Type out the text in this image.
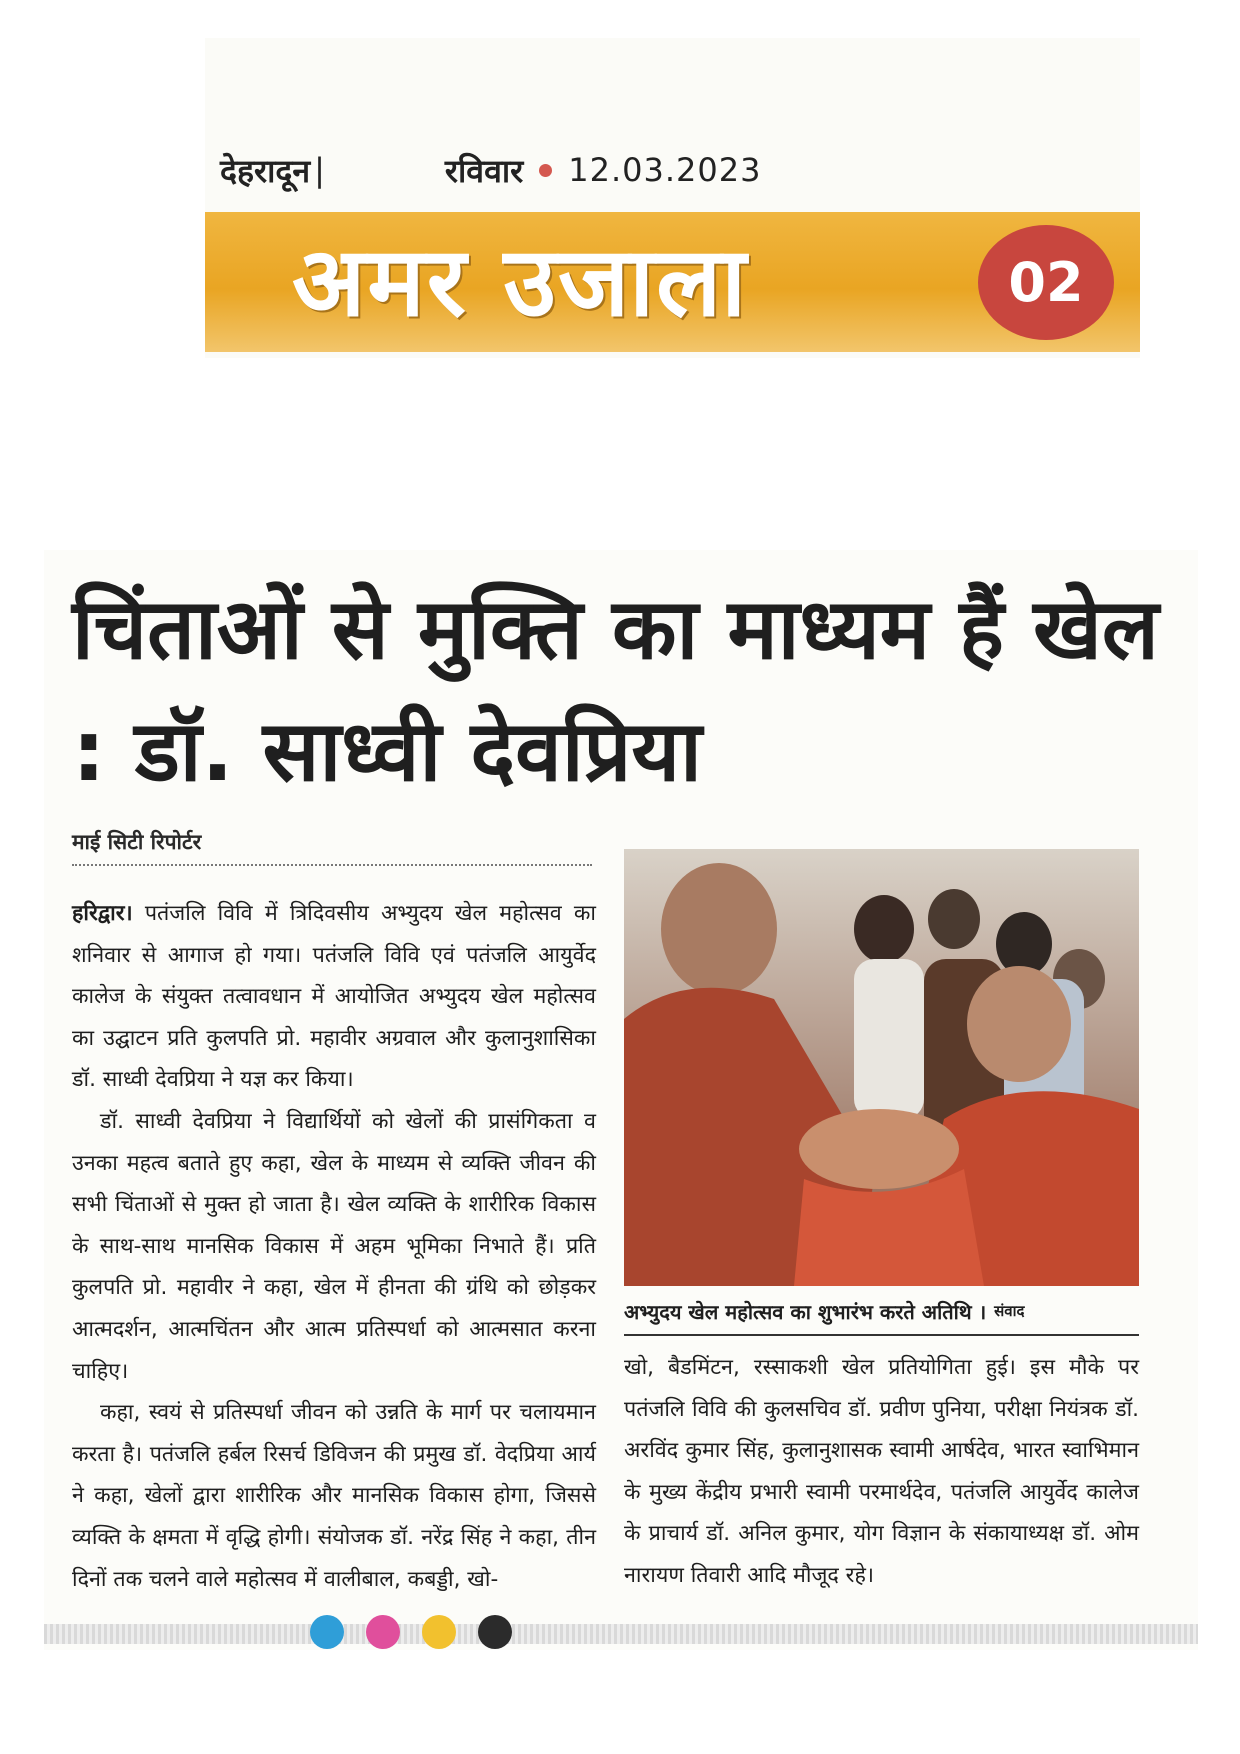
देहरादून |	रविवार 12.03.2023
अमर उजाला	02
चिंताओं से मुक्ति का माध्यम हैं खेल : डॉ. साध्वी देवप्रिया
माई सिटी रिपोर्टर

हरिद्वार। पतंजलि विवि में त्रिदिवसीय अभ्युदय खेल महोत्सव का शनिवार से आगाज हो गया। पतंजलि विवि एवं पतंजलि आयुर्वेद कालेज के संयुक्त तत्वावधान में आयोजित अभ्युदय खेल महोत्सव का उद्घाटन प्रति कुलपति प्रो. महावीर अग्रवाल और कुलानुशासिका डॉ. साध्वी देवप्रिया ने यज्ञ कर किया।

डॉ. साध्वी देवप्रिया ने विद्यार्थियों को खेलों की प्रासंगिकता व उनका महत्व बताते हुए कहा, खेल के माध्यम से व्यक्ति जीवन की सभी चिंताओं से मुक्त हो जाता है। खेल व्यक्ति के शारीरिक विकास के साथ-साथ मानसिक विकास में अहम भूमिका निभाते हैं। प्रति कुलपति प्रो. महावीर ने कहा, खेल में हीनता की ग्रंथि को छोड़कर आत्मदर्शन, आत्मचिंतन और आत्म प्रतिस्पर्धा को आत्मसात करना चाहिए।

कहा, स्वयं से प्रतिस्पर्धा जीवन को उन्नति के मार्ग पर चलायमान करता है। पतंजलि हर्बल रिसर्च डिविजन की प्रमुख डॉ. वेदप्रिया आर्य ने कहा, खेलों द्वारा शारीरिक और मानसिक विकास होगा, जिससे व्यक्ति के क्षमता में वृद्धि होगी। संयोजक डॉ. नरेंद्र सिंह ने कहा, तीन दिनों तक चलने वाले महोत्सव में वालीबाल, कबड्डी, खो-

अभ्युदय खेल महोत्सव का शुभारंभ करते अतिथि । संवाद

खो, बैडमिंटन, रस्साकशी खेल प्रतियोगिता हुई। इस मौके पर पतंजलि विवि की कुलसचिव डॉ. प्रवीण पुनिया, परीक्षा नियंत्रक डॉ. अरविंद कुमार सिंह, कुलानुशासक स्वामी आर्षदेव, भारत स्वाभिमान के मुख्य केंद्रीय प्रभारी स्वामी परमार्थदेव, पतंजलि आयुर्वेद कालेज के प्राचार्य डॉ. अनिल कुमार, योग विज्ञान के संकायाध्यक्ष डॉ. ओम नारायण तिवारी आदि मौजूद रहे।
